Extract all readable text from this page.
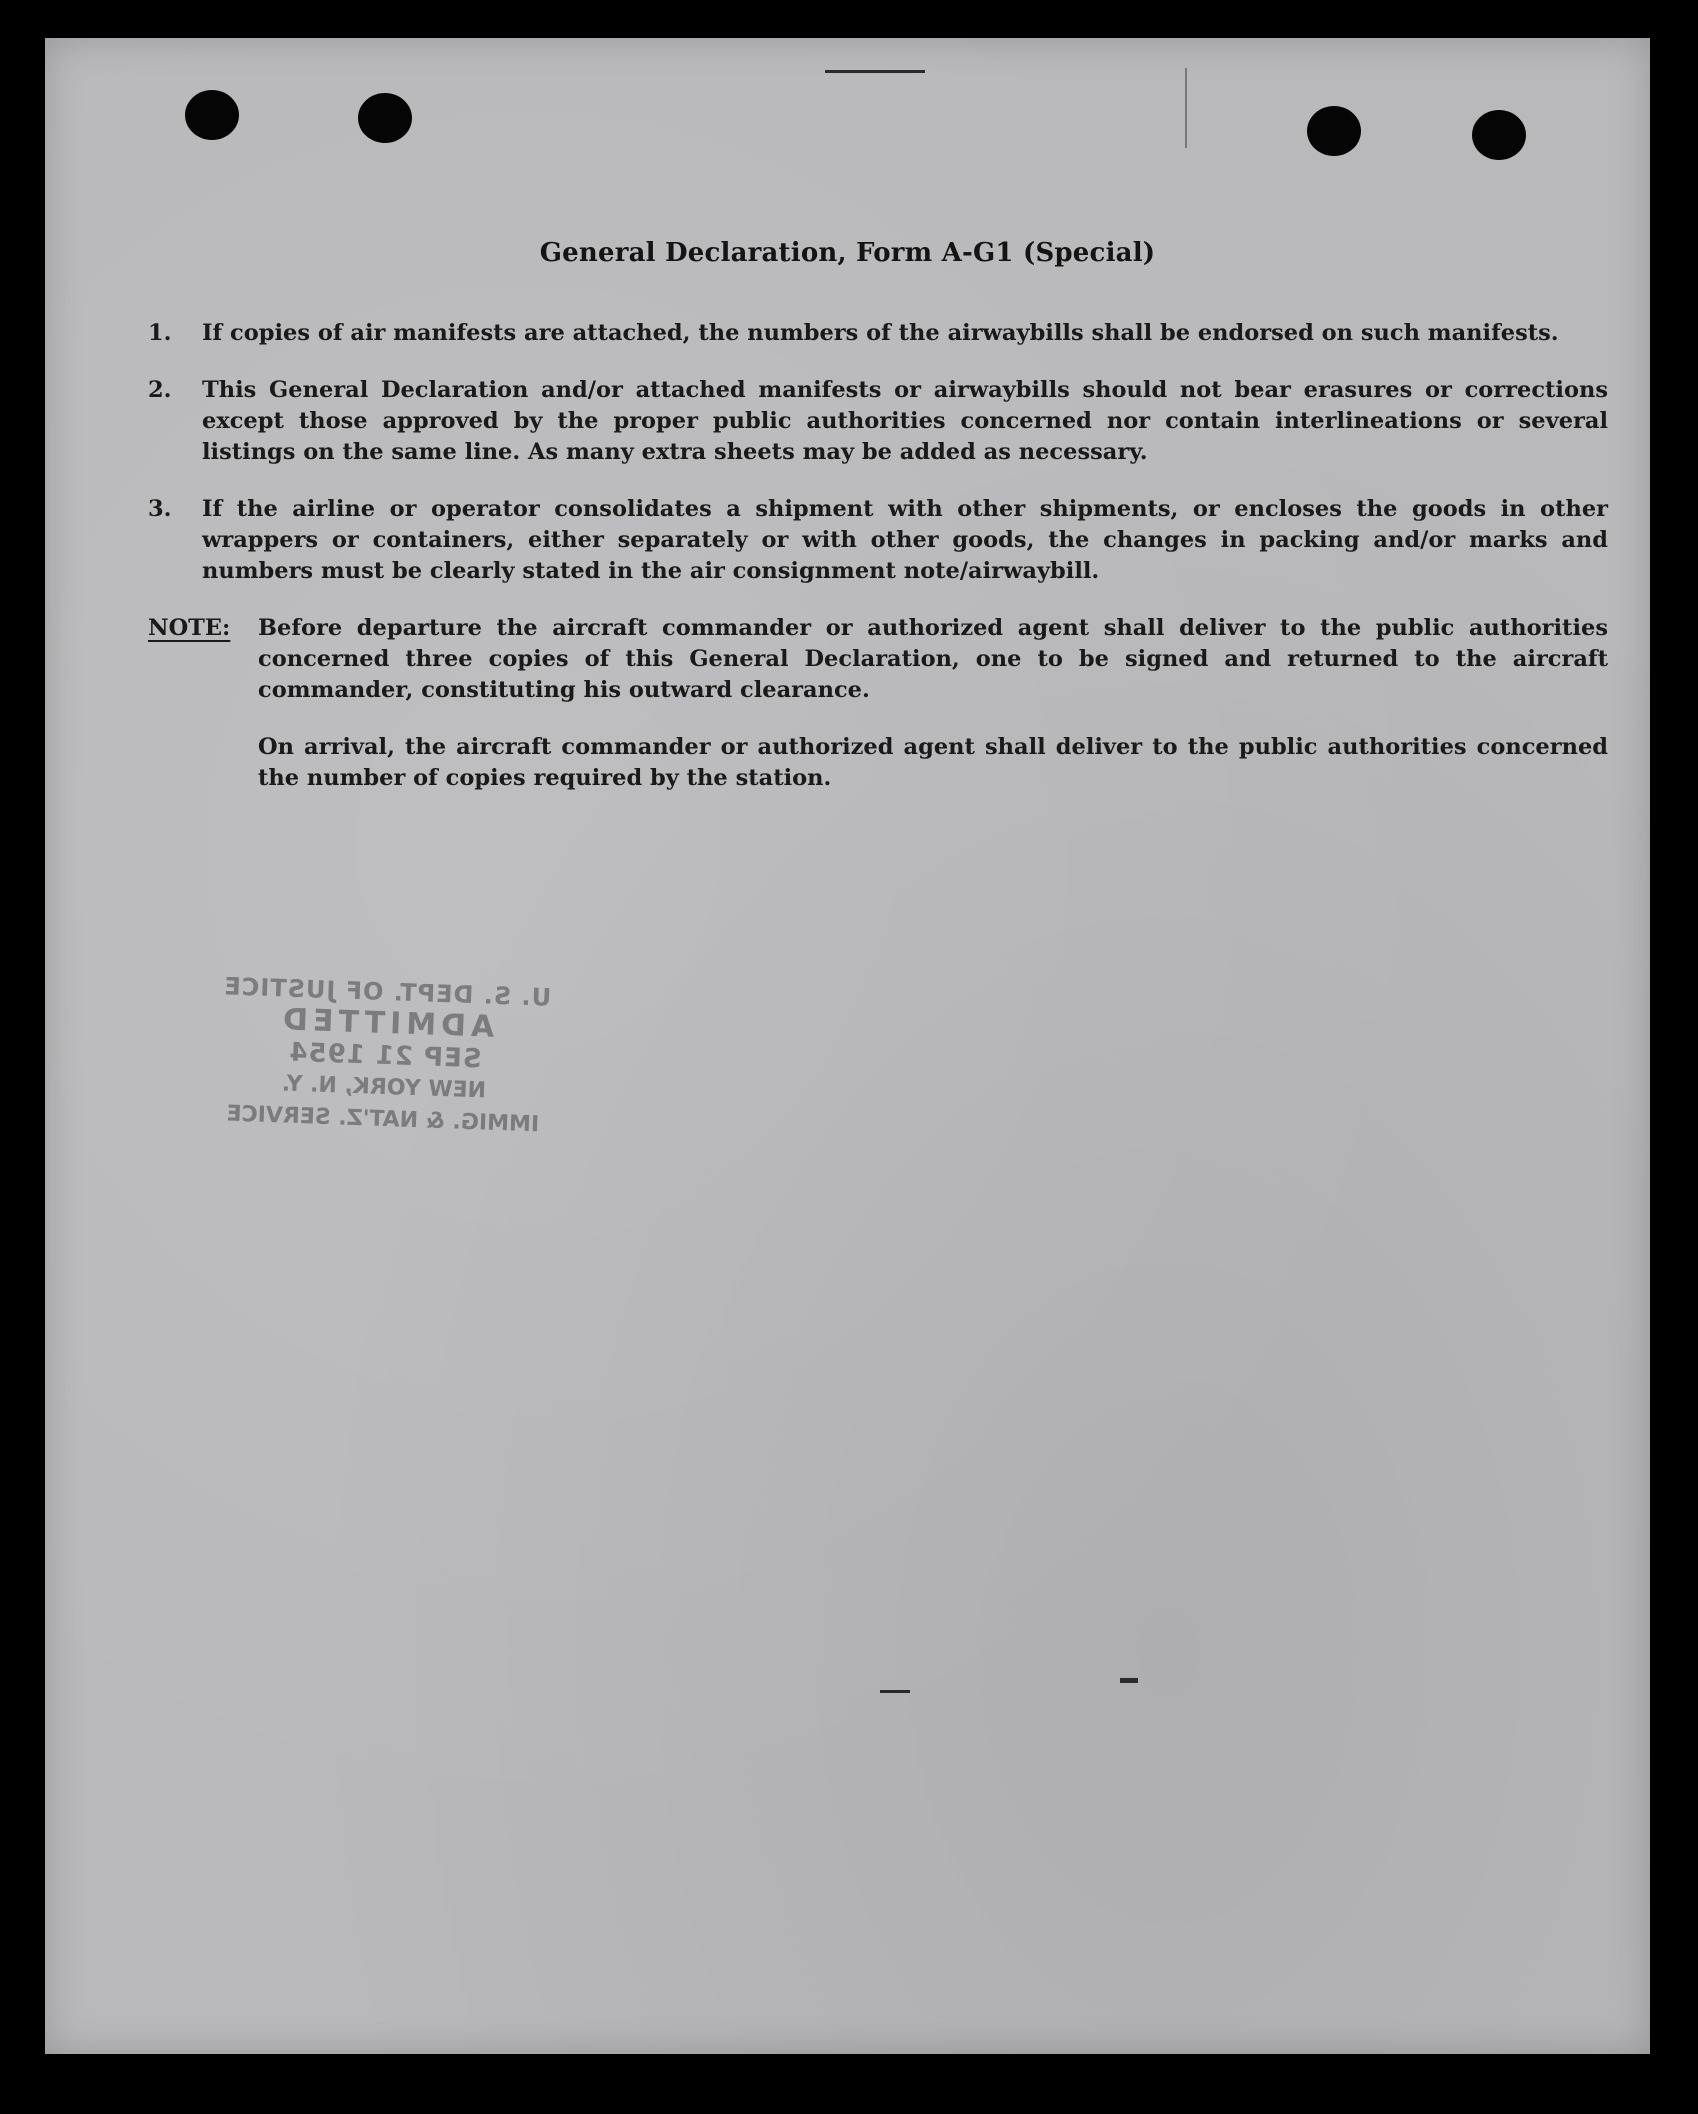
General Declaration, Form A-G1 (Special)
1.	If copies of air manifests are attached, the numbers of the airwaybills shall be endorsed on such manifests.
2.	This General Declaration and/or attached manifests or airwaybills should not bear erasures or corrections except those approved by the proper public authorities concerned nor contain interlineations or several listings on the same line. As many extra sheets may be added as necessary.
3.	If the airline or operator consolidates a shipment with other shipments, or encloses the goods in other wrappers or containers, either separately or with other goods, the changes in packing and/or marks and numbers must be clearly stated in the air consignment note/airwaybill.
NOTE:	Before departure the aircraft commander or authorized agent shall deliver to the public authorities concerned three copies of this General Declaration, one to be signed and returned to the aircraft commander, constituting his outward clearance.
On arrival, the aircraft commander or authorized agent shall deliver to the public authorities concerned the number of copies required by the station.
U. S. DEPT. OF JUSTICE
ADMITTED
SEP 21 1954
NEW YORK, N. Y.
IMMIG. & NAT'Z. SERVICE
